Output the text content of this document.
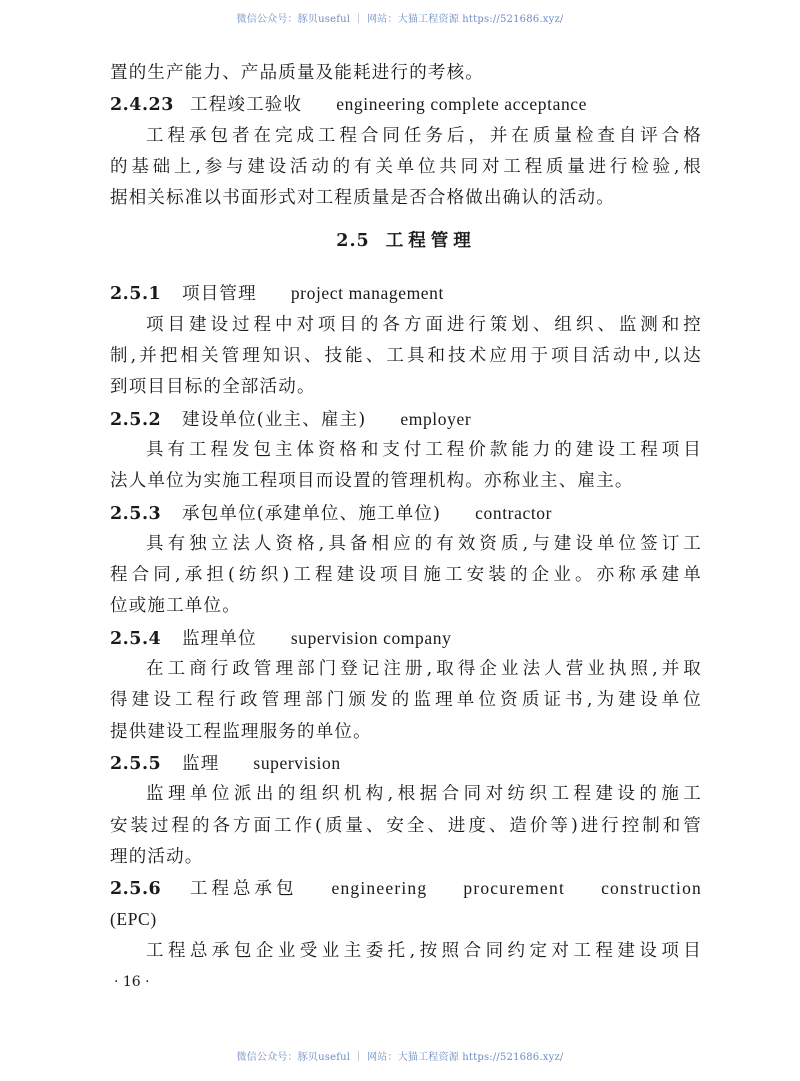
微信公众号：豚贝useful ｜ 网站：大猫工程资源 https://521686.xyz/
置的生产能力、产品质量及能耗进行的考核。
2.4.23 工程竣工验收 engineering complete acceptance
工程承包者在完成工程合同任务后，并在质量检查自评合格
的基础上,参与建设活动的有关单位共同对工程质量进行检验,根
据相关标准以书面形式对工程质量是否合格做出确认的活动。
2.5 工程管理
2.5.1 项目管理 project management
项目建设过程中对项目的各方面进行策划、组织、监测和控
制,并把相关管理知识、技能、工具和技术应用于项目活动中,以达
到项目目标的全部活动。
2.5.2 建设单位(业主、雇主) employer
具有工程发包主体资格和支付工程价款能力的建设工程项目
法人单位为实施工程项目而设置的管理机构。亦称业主、雇主。
2.5.3 承包单位(承建单位、施工单位) contractor
具有独立法人资格,具备相应的有效资质,与建设单位签订工
程合同,承担(纺织)工程建设项目施工安装的企业。亦称承建单
位或施工单位。
2.5.4 监理单位 supervision company
在工商行政管理部门登记注册,取得企业法人营业执照,并取
得建设工程行政管理部门颁发的监理单位资质证书,为建设单位
提供建设工程监理服务的单位。
2.5.5 监理 supervision
监理单位派出的组织机构,根据合同对纺织工程建设的施工
安装过程的各方面工作(质量、安全、进度、造价等)进行控制和管
理的活动。
2.5.6 工程总承包 engineering procurement construction
(EPC)
工程总承包企业受业主委托,按照合同约定对工程建设项目
· 16 ·
微信公众号：豚贝useful ｜ 网站：大猫工程资源 https://521686.xyz/
